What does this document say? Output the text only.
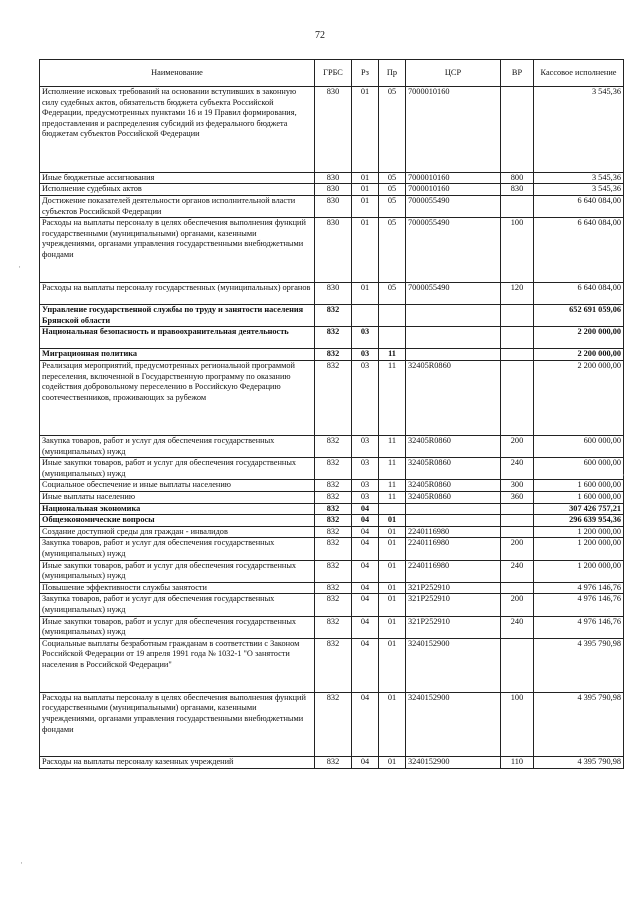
72
Наименование	ГРБС	Рз	Пр	ЦСР	ВР	Кассовое исполнение
Исполнение исковых требований на основании вступивших в законную силу судебных актов, обязательств бюджета субъекта Российской Федерации, предусмотренных пунктами 16 и 19 Правил формирования, предоставления и распределения субсидий из федерального бюджета бюджетам субъектов Российской Федерации	830	01	05	7000010160		3 545,36
Иные бюджетные ассигнования	830	01	05	7000010160	800	3 545,36
Исполнение судебных актов	830	01	05	7000010160	830	3 545,36
Достижение показателей деятельности органов исполнительной власти субъектов Российской Федерации	830	01	05	7000055490		6 640 084,00
Расходы на выплаты персоналу в целях обеспечения выполнения функций государственными (муниципальными) органами, казенными учреждениями, органами управления государственными внебюджетными фондами	830	01	05	7000055490	100	6 640 084,00
Расходы на выплаты персоналу государственных (муниципальных) органов	830	01	05	7000055490	120	6 640 084,00
Управление государственной службы по труду и занятости населения Брянской области	832					652 691 059,06
Национальная безопасность и правоохранительная деятельность	832	03				2 200 000,00
Миграционная политика	832	03	11			2 200 000,00
Реализация мероприятий, предусмотренных региональной программой переселения, включенной в Государственную программу по оказанию содействия добровольному переселению в Российскую Федерацию соотечественников, проживающих за рубежом	832	03	11	32405R0860		2 200 000,00
Закупка товаров, работ и услуг для обеспечения государственных (муниципальных) нужд	832	03	11	32405R0860	200	600 000,00
Иные закупки товаров, работ и услуг для обеспечения государственных (муниципальных) нужд	832	03	11	32405R0860	240	600 000,00
Социальное обеспечение и иные выплаты населению	832	03	11	32405R0860	300	1 600 000,00
Иные выплаты населению	832	03	11	32405R0860	360	1 600 000,00
Национальная экономика	832	04				307 426 757,21
Общеэкономические вопросы	832	04	01			296 639 954,36
Создание доступной среды для граждан - инвалидов	832	04	01	2240116980		1 200 000,00
Закупка товаров, работ и услуг для обеспечения государственных (муниципальных) нужд	832	04	01	2240116980	200	1 200 000,00
Иные закупки товаров, работ и услуг для обеспечения государственных (муниципальных) нужд	832	04	01	2240116980	240	1 200 000,00
Повышение эффективности службы занятости	832	04	01	321P252910		4 976 146,76
Закупка товаров, работ и услуг для обеспечения государственных (муниципальных) нужд	832	04	01	321P252910	200	4 976 146,76
Иные закупки товаров, работ и услуг для обеспечения государственных (муниципальных) нужд	832	04	01	321P252910	240	4 976 146,76
Социальные выплаты безработным гражданам в соответствии с Законом Российской Федерации от 19 апреля 1991 года № 1032-1 "О занятости населения в Российской Федерации"	832	04	01	3240152900		4 395 790,98
Расходы на выплаты персоналу в целях обеспечения выполнения функций государственными (муниципальными) органами, казенными учреждениями, органами управления государственными внебюджетными фондами	832	04	01	3240152900	100	4 395 790,98
Расходы на выплаты персоналу казенных учреждений	832	04	01	3240152900	110	4 395 790,98
·
·
·
